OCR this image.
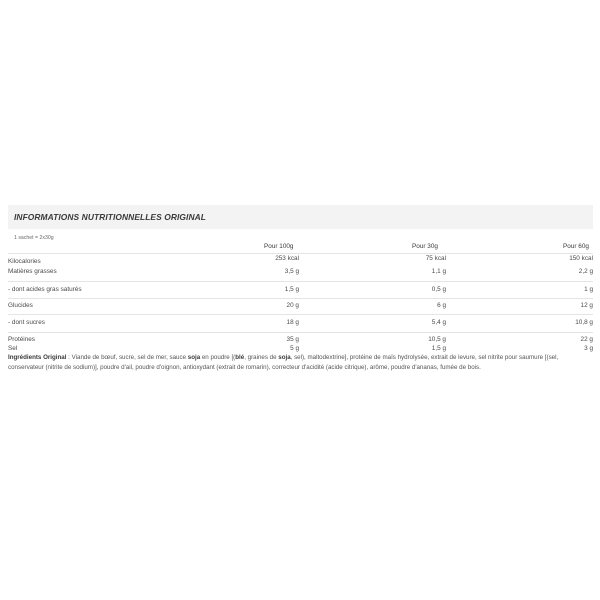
INFORMATIONS NUTRITIONNELLES ORIGINAL
1 sachet = 2x30g
Pour 100g	Pour 30g	Pour 60g
Kilocalories	253 kcal	75 kcal	150 kcal
Matières grasses	3,5 g	1,1 g	2,2 g
- dont acides gras saturés	1,5 g	0,5 g	1 g
Glucides	20 g	6 g	12 g
- dont sucres	18 g	5,4 g	10,8 g
Protéines	35 g	10,5 g	22 g
Sel	5 g	1,5 g	3 g
Ingrédients Original : Viande de bœuf, sucre, sel de mer, sauce soja en poudre [(blé, graines de soja, sel), maltodextrine], protéine de maïs hydrolysée, extrait de levure, sel nitrite pour saumure [(sel, conservateur (nitrite de sodium)], poudre d'ail, poudre d'oignon, antioxydant (extrait de romarin), correcteur d'acidité (acide citrique), arôme, poudre d'ananas, fumée de bois.
